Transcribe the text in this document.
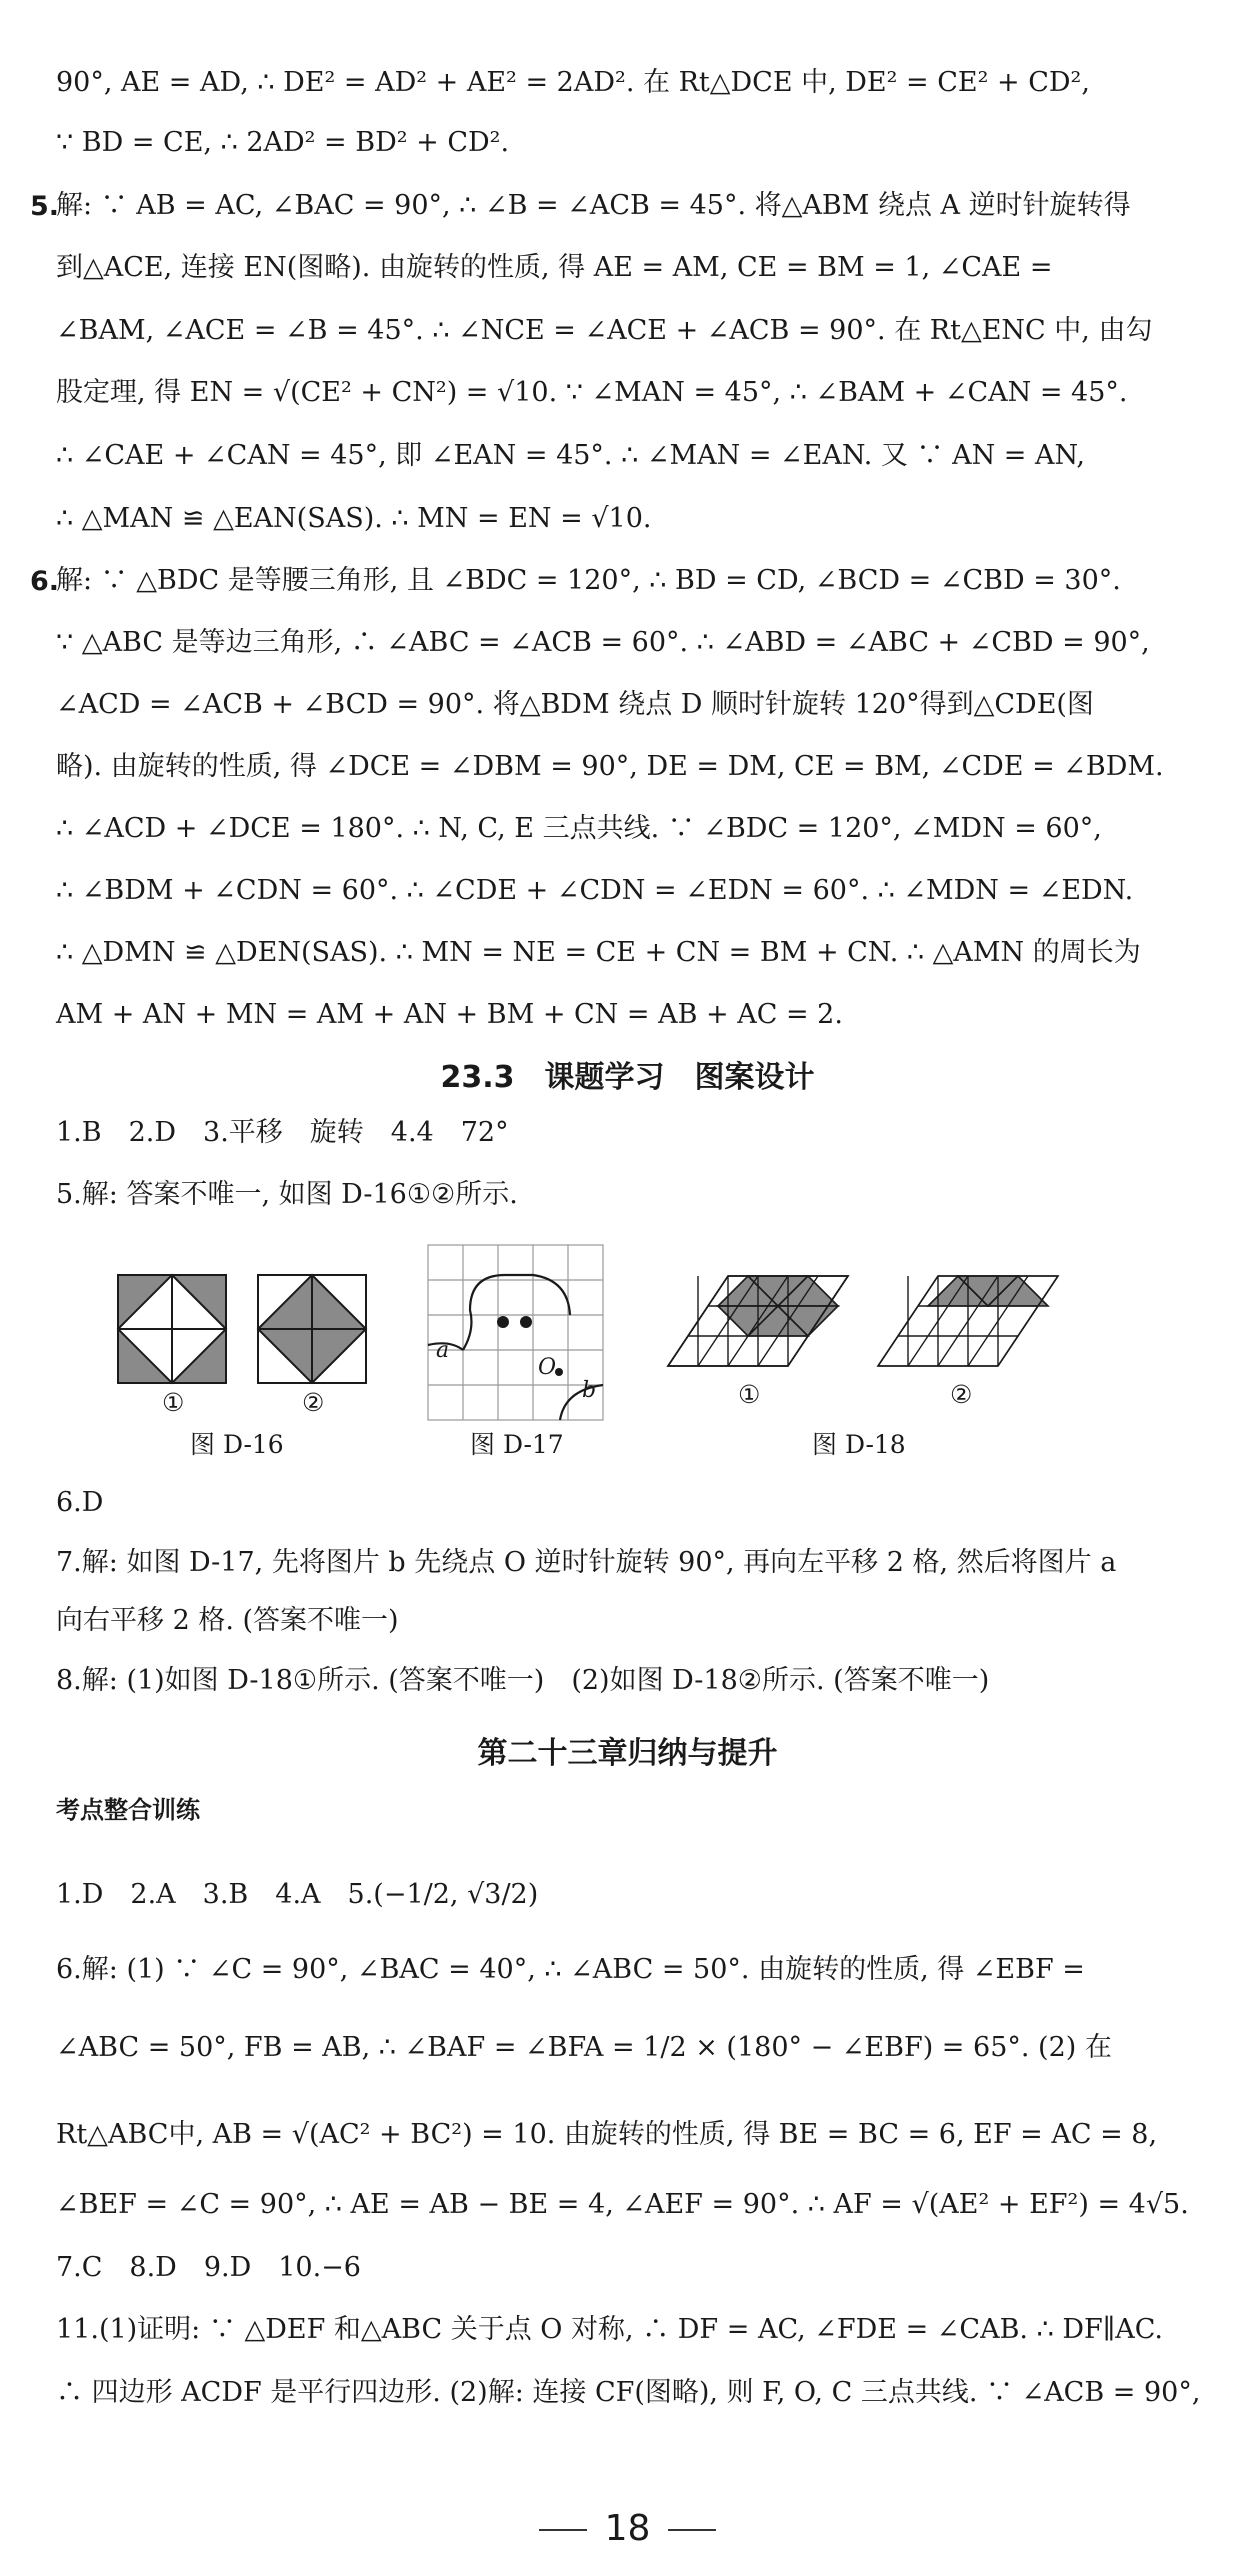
90°, AE = AD, ∴ DE² = AD² + AE² = 2AD². 在 Rt△DCE 中, DE² = CE² + CD²,

∵ BD = CE, ∴ 2AD² = BD² + CD².

解: ∵ AB = AC, ∠BAC = 90°, ∴ ∠B = ∠ACB = 45°. 将△ABM 绕点 A 逆时针旋转得

到△ACE, 连接 EN(图略). 由旋转的性质, 得 AE = AM, CE = BM = 1, ∠CAE =

∠BAM, ∠ACE = ∠B = 45°. ∴ ∠NCE = ∠ACE + ∠ACB = 90°. 在 Rt△ENC 中, 由勾

股定理, 得 EN = √(CE² + CN²) = √10. ∵ ∠MAN = 45°, ∴ ∠BAM + ∠CAN = 45°.

∴ ∠CAE + ∠CAN = 45°, 即 ∠EAN = 45°. ∴ ∠MAN = ∠EAN. 又 ∵ AN = AN,

∴ △MAN ≌ △EAN(SAS). ∴ MN = EN = √10.

解: ∵ △BDC 是等腰三角形, 且 ∠BDC = 120°, ∴ BD = CD, ∠BCD = ∠CBD = 30°.

∵ △ABC 是等边三角形, ∴ ∠ABC = ∠ACB = 60°. ∴ ∠ABD = ∠ABC + ∠CBD = 90°,

∠ACD = ∠ACB + ∠BCD = 90°. 将△BDM 绕点 D 顺时针旋转 120°得到△CDE(图

略). 由旋转的性质, 得 ∠DCE = ∠DBM = 90°, DE = DM, CE = BM, ∠CDE = ∠BDM.

∴ ∠ACD + ∠DCE = 180°. ∴ N, C, E 三点共线. ∵ ∠BDC = 120°, ∠MDN = 60°,

∴ ∠BDM + ∠CDN = 60°. ∴ ∠CDE + ∠CDN = ∠EDN = 60°. ∴ ∠MDN = ∠EDN.

∴ △DMN ≌ △DEN(SAS). ∴ MN = NE = CE + CN = BM + CN. ∴ △AMN 的周长为

AM + AN + MN = AM + AN + BM + CN = AB + AC = 2.

5.
6.
23.3　课题学习　图案设计

1.B　2.D　3.平移　旋转　4.4　72°

5.解: 答案不唯一, 如图 D-16①②所示.

①	②
图 D-16	图 D-17	图 D-18
①	②
a
b
O

6.D

7.解: 如图 D-17, 先将图片 b 先绕点 O 逆时针旋转 90°, 再向左平移 2 格, 然后将图片 a

向右平移 2 格. (答案不唯一)

8.解: (1)如图 D-18①所示. (答案不唯一)　(2)如图 D-18②所示. (答案不唯一)

第二十三章归纳与提升

考点整合训练

1.D　2.A　3.B　4.A　5.(−1/2, √3/2)

6.解: (1) ∵ ∠C = 90°, ∠BAC = 40°, ∴ ∠ABC = 50°. 由旋转的性质, 得 ∠EBF =

∠ABC = 50°, FB = AB, ∴ ∠BAF = ∠BFA = 1/2 × (180° − ∠EBF) = 65°. (2) 在

Rt△ABC中, AB = √(AC² + BC²) = 10. 由旋转的性质, 得 BE = BC = 6, EF = AC = 8,

∠BEF = ∠C = 90°, ∴ AE = AB − BE = 4, ∠AEF = 90°. ∴ AF = √(AE² + EF²) = 4√5.

7.C　8.D　9.D　10.−6

11.(1)证明: ∵ △DEF 和△ABC 关于点 O 对称, ∴ DF = AC, ∠FDE = ∠CAB. ∴ DF∥AC.

∴ 四边形 ACDF 是平行四边形. (2)解: 连接 CF(图略), 则 F, O, C 三点共线. ∵ ∠ACB = 90°,

18
